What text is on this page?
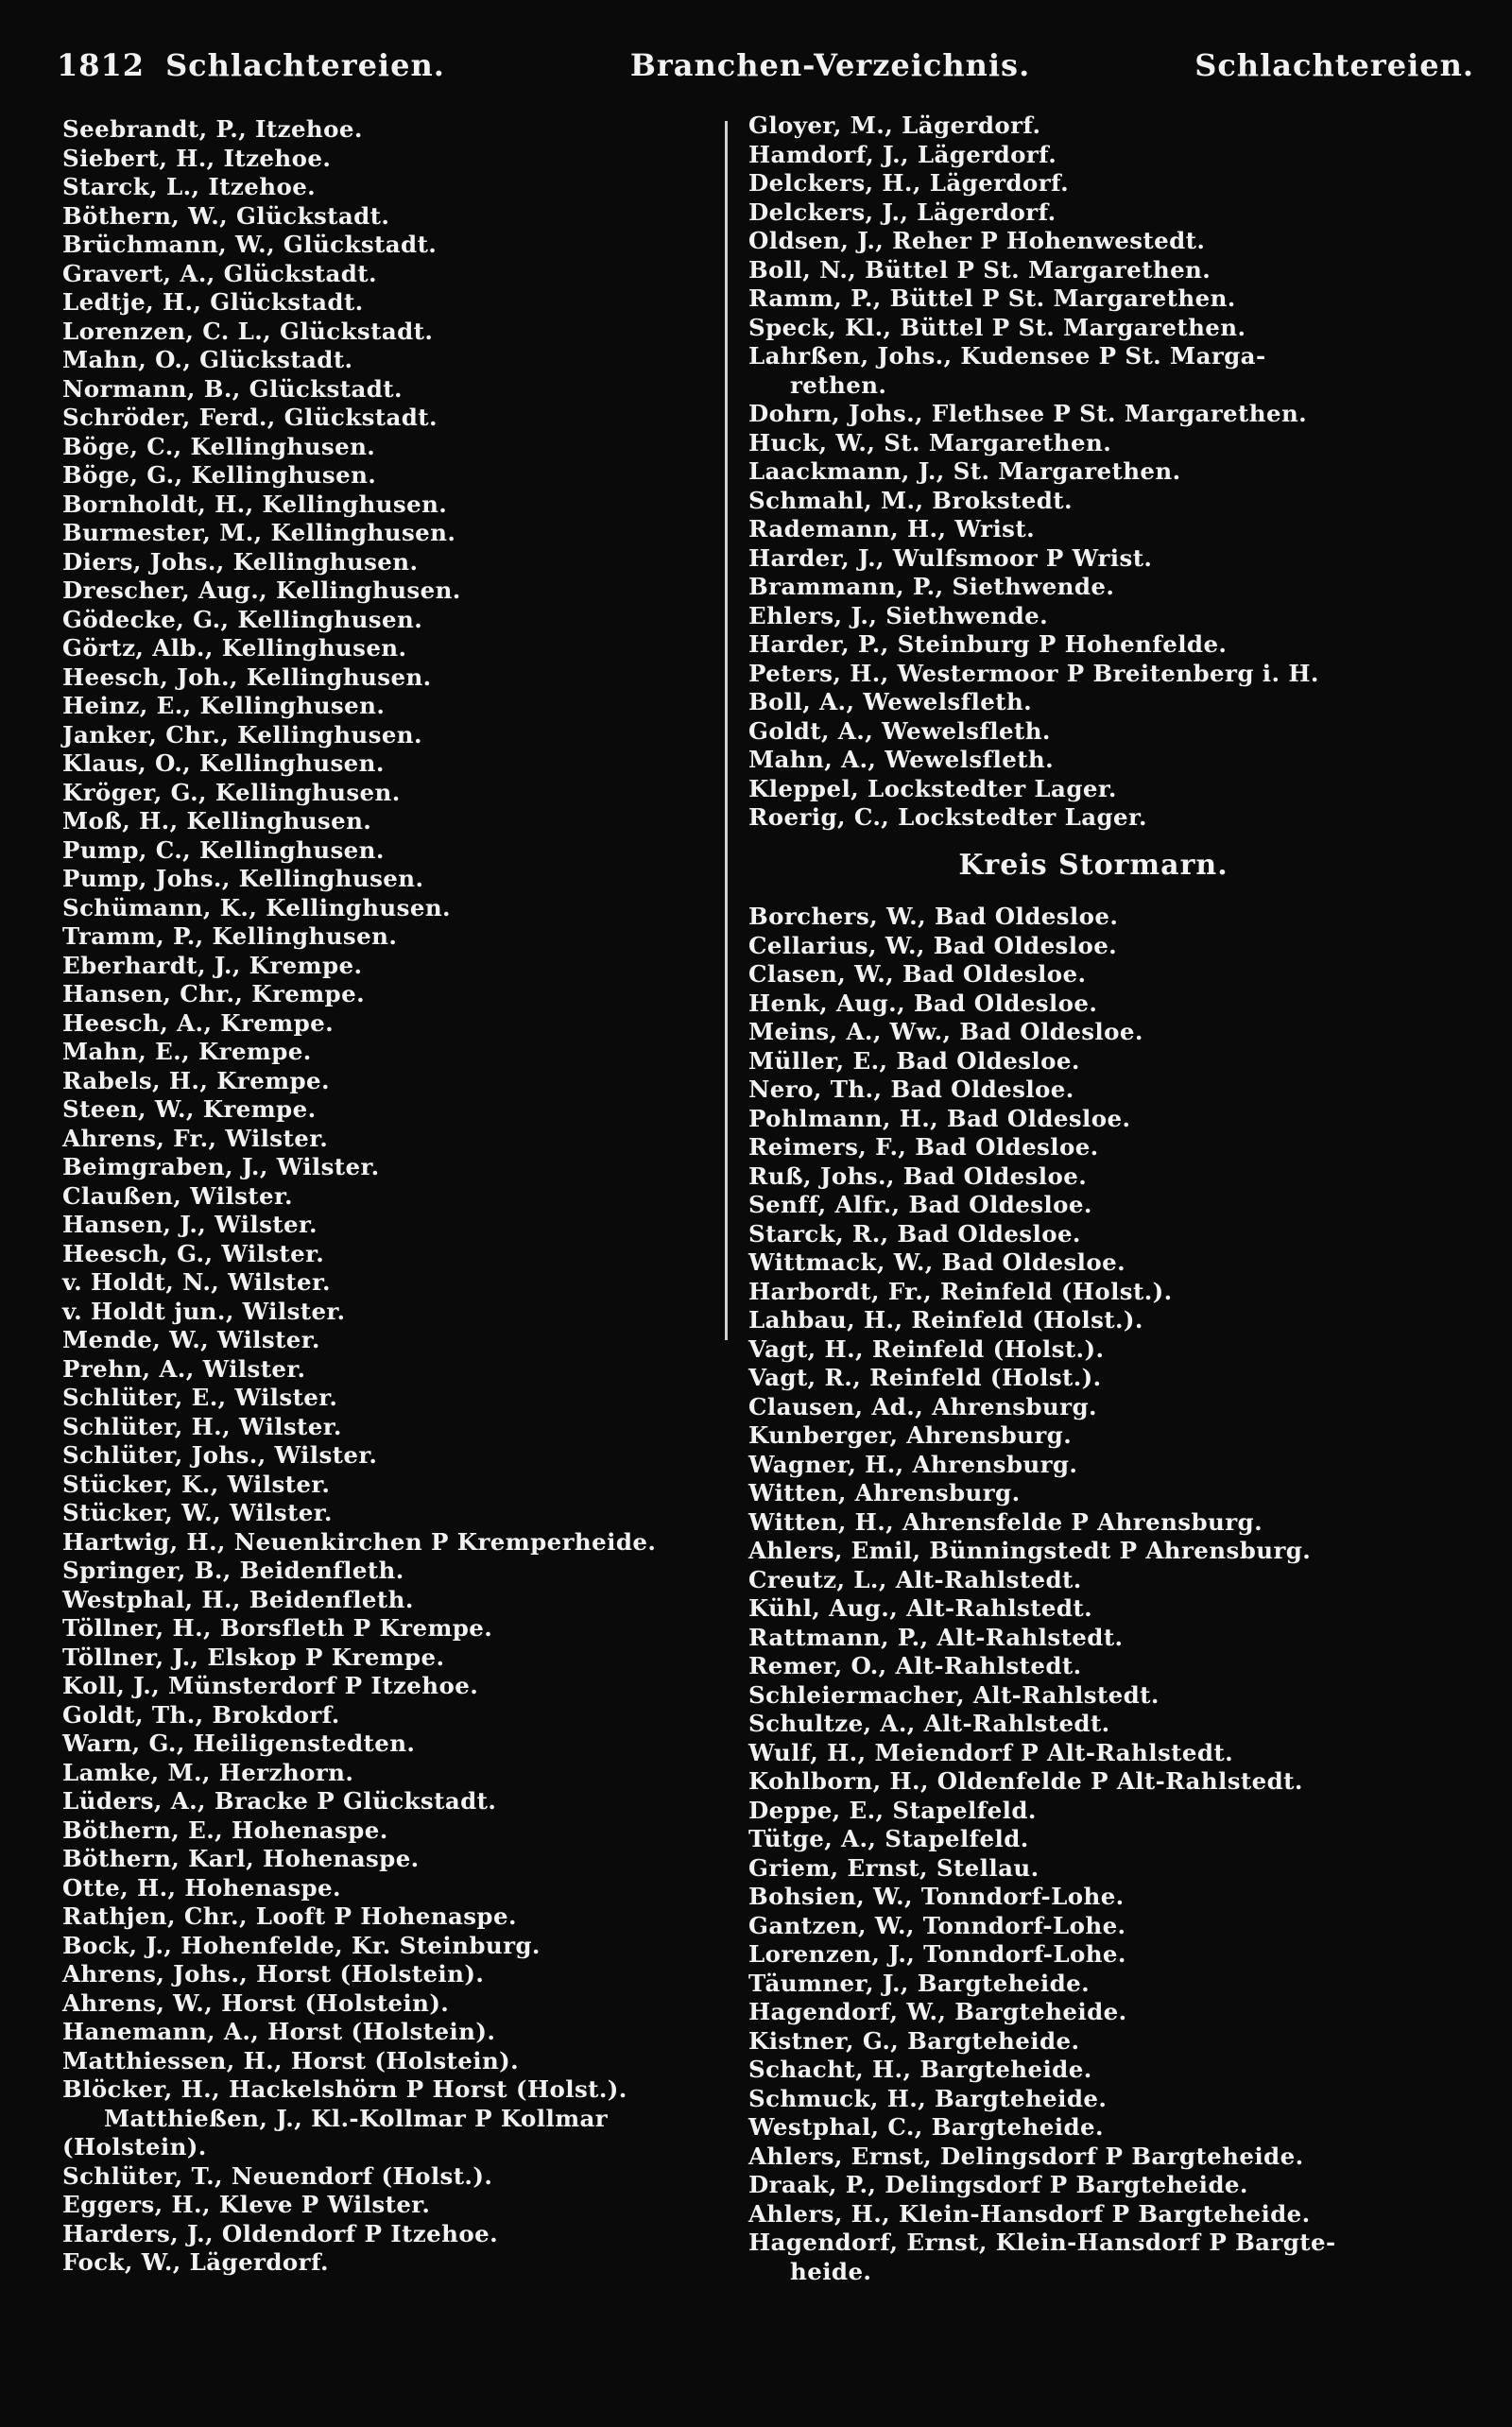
1812 Schlachtereien.	Branchen-Verzeichnis.	Schlachtereien.
Seebrandt, P., Itzehoe.
Siebert, H., Itzehoe.
Starck, L., Itzehoe.
Böthern, W., Glückstadt.
Brüchmann, W., Glückstadt.
Gravert, A., Glückstadt.
Ledtje, H., Glückstadt.
Lorenzen, C. L., Glückstadt.
Mahn, O., Glückstadt.
Normann, B., Glückstadt.
Schröder, Ferd., Glückstadt.
Böge, C., Kellinghusen.
Böge, G., Kellinghusen.
Bornholdt, H., Kellinghusen.
Burmester, M., Kellinghusen.
Diers, Johs., Kellinghusen.
Drescher, Aug., Kellinghusen.
Gödecke, G., Kellinghusen.
Görtz, Alb., Kellinghusen.
Heesch, Joh., Kellinghusen.
Heinz, E., Kellinghusen.
Janker, Chr., Kellinghusen.
Klaus, O., Kellinghusen.
Kröger, G., Kellinghusen.
Moß, H., Kellinghusen.
Pump, C., Kellinghusen.
Pump, Johs., Kellinghusen.
Schümann, K., Kellinghusen.
Tramm, P., Kellinghusen.
Eberhardt, J., Krempe.
Hansen, Chr., Krempe.
Heesch, A., Krempe.
Mahn, E., Krempe.
Rabels, H., Krempe.
Steen, W., Krempe.
Ahrens, Fr., Wilster.
Beimgraben, J., Wilster.
Claußen, Wilster.
Hansen, J., Wilster.
Heesch, G., Wilster.
v. Holdt, N., Wilster.
v. Holdt jun., Wilster.
Mende, W., Wilster.
Prehn, A., Wilster.
Schlüter, E., Wilster.
Schlüter, H., Wilster.
Schlüter, Johs., Wilster.
Stücker, K., Wilster.
Stücker, W., Wilster.
Hartwig, H., Neuenkirchen P Kremperheide.
Springer, B., Beidenfleth.
Westphal, H., Beidenfleth.
Töllner, H., Borsfleth P Krempe.
Töllner, J., Elskop P Krempe.
Koll, J., Münsterdorf P Itzehoe.
Goldt, Th., Brokdorf.
Warn, G., Heiligenstedten.
Lamke, M., Herzhorn.
Lüders, A., Bracke P Glückstadt.
Böthern, E., Hohenaspe.
Böthern, Karl, Hohenaspe.
Otte, H., Hohenaspe.
Rathjen, Chr., Looft P Hohenaspe.
Bock, J., Hohenfelde, Kr. Steinburg.
Ahrens, Johs., Horst (Holstein).
Ahrens, W., Horst (Holstein).
Hanemann, A., Horst (Holstein).
Matthiessen, H., Horst (Holstein).
Blöcker, H., Hackelshörn P Horst (Holst.).
Matthießen, J., Kl.-Kollmar P Kollmar
(Holstein).
Schlüter, T., Neuendorf (Holst.).
Eggers, H., Kleve P Wilster.
Harders, J., Oldendorf P Itzehoe.
Fock, W., Lägerdorf.
Gloyer, M., Lägerdorf.
Hamdorf, J., Lägerdorf.
Delckers, H., Lägerdorf.
Delckers, J., Lägerdorf.
Oldsen, J., Reher P Hohenwestedt.
Boll, N., Büttel P St. Margarethen.
Ramm, P., Büttel P St. Margarethen.
Speck, Kl., Büttel P St. Margarethen.
Lahrßen, Johs., Kudensee P St. Marga-
rethen.
Dohrn, Johs., Flethsee P St. Margarethen.
Huck, W., St. Margarethen.
Laackmann, J., St. Margarethen.
Schmahl, M., Brokstedt.
Rademann, H., Wrist.
Harder, J., Wulfsmoor P Wrist.
Brammann, P., Siethwende.
Ehlers, J., Siethwende.
Harder, P., Steinburg P Hohenfelde.
Peters, H., Westermoor P Breitenberg i. H.
Boll, A., Wewelsfleth.
Goldt, A., Wewelsfleth.
Mahn, A., Wewelsfleth.
Kleppel, Lockstedter Lager.
Roerig, C., Lockstedter Lager.
Kreis Stormarn.
Borchers, W., Bad Oldesloe.
Cellarius, W., Bad Oldesloe.
Clasen, W., Bad Oldesloe.
Henk, Aug., Bad Oldesloe.
Meins, A., Ww., Bad Oldesloe.
Müller, E., Bad Oldesloe.
Nero, Th., Bad Oldesloe.
Pohlmann, H., Bad Oldesloe.
Reimers, F., Bad Oldesloe.
Ruß, Johs., Bad Oldesloe.
Senff, Alfr., Bad Oldesloe.
Starck, R., Bad Oldesloe.
Wittmack, W., Bad Oldesloe.
Harbordt, Fr., Reinfeld (Holst.).
Lahbau, H., Reinfeld (Holst.).
Vagt, H., Reinfeld (Holst.).
Vagt, R., Reinfeld (Holst.).
Clausen, Ad., Ahrensburg.
Kunberger, Ahrensburg.
Wagner, H., Ahrensburg.
Witten, Ahrensburg.
Witten, H., Ahrensfelde P Ahrensburg.
Ahlers, Emil, Bünningstedt P Ahrensburg.
Creutz, L., Alt-Rahlstedt.
Kühl, Aug., Alt-Rahlstedt.
Rattmann, P., Alt-Rahlstedt.
Remer, O., Alt-Rahlstedt.
Schleiermacher, Alt-Rahlstedt.
Schultze, A., Alt-Rahlstedt.
Wulf, H., Meiendorf P Alt-Rahlstedt.
Kohlborn, H., Oldenfelde P Alt-Rahlstedt.
Deppe, E., Stapelfeld.
Tütge, A., Stapelfeld.
Griem, Ernst, Stellau.
Bohsien, W., Tonndorf-Lohe.
Gantzen, W., Tonndorf-Lohe.
Lorenzen, J., Tonndorf-Lohe.
Täumner, J., Bargteheide.
Hagendorf, W., Bargteheide.
Kistner, G., Bargteheide.
Schacht, H., Bargteheide.
Schmuck, H., Bargteheide.
Westphal, C., Bargteheide.
Ahlers, Ernst, Delingsdorf P Bargteheide.
Draak, P., Delingsdorf P Bargteheide.
Ahlers, H., Klein-Hansdorf P Bargteheide.
Hagendorf, Ernst, Klein-Hansdorf P Bargte-
heide.
